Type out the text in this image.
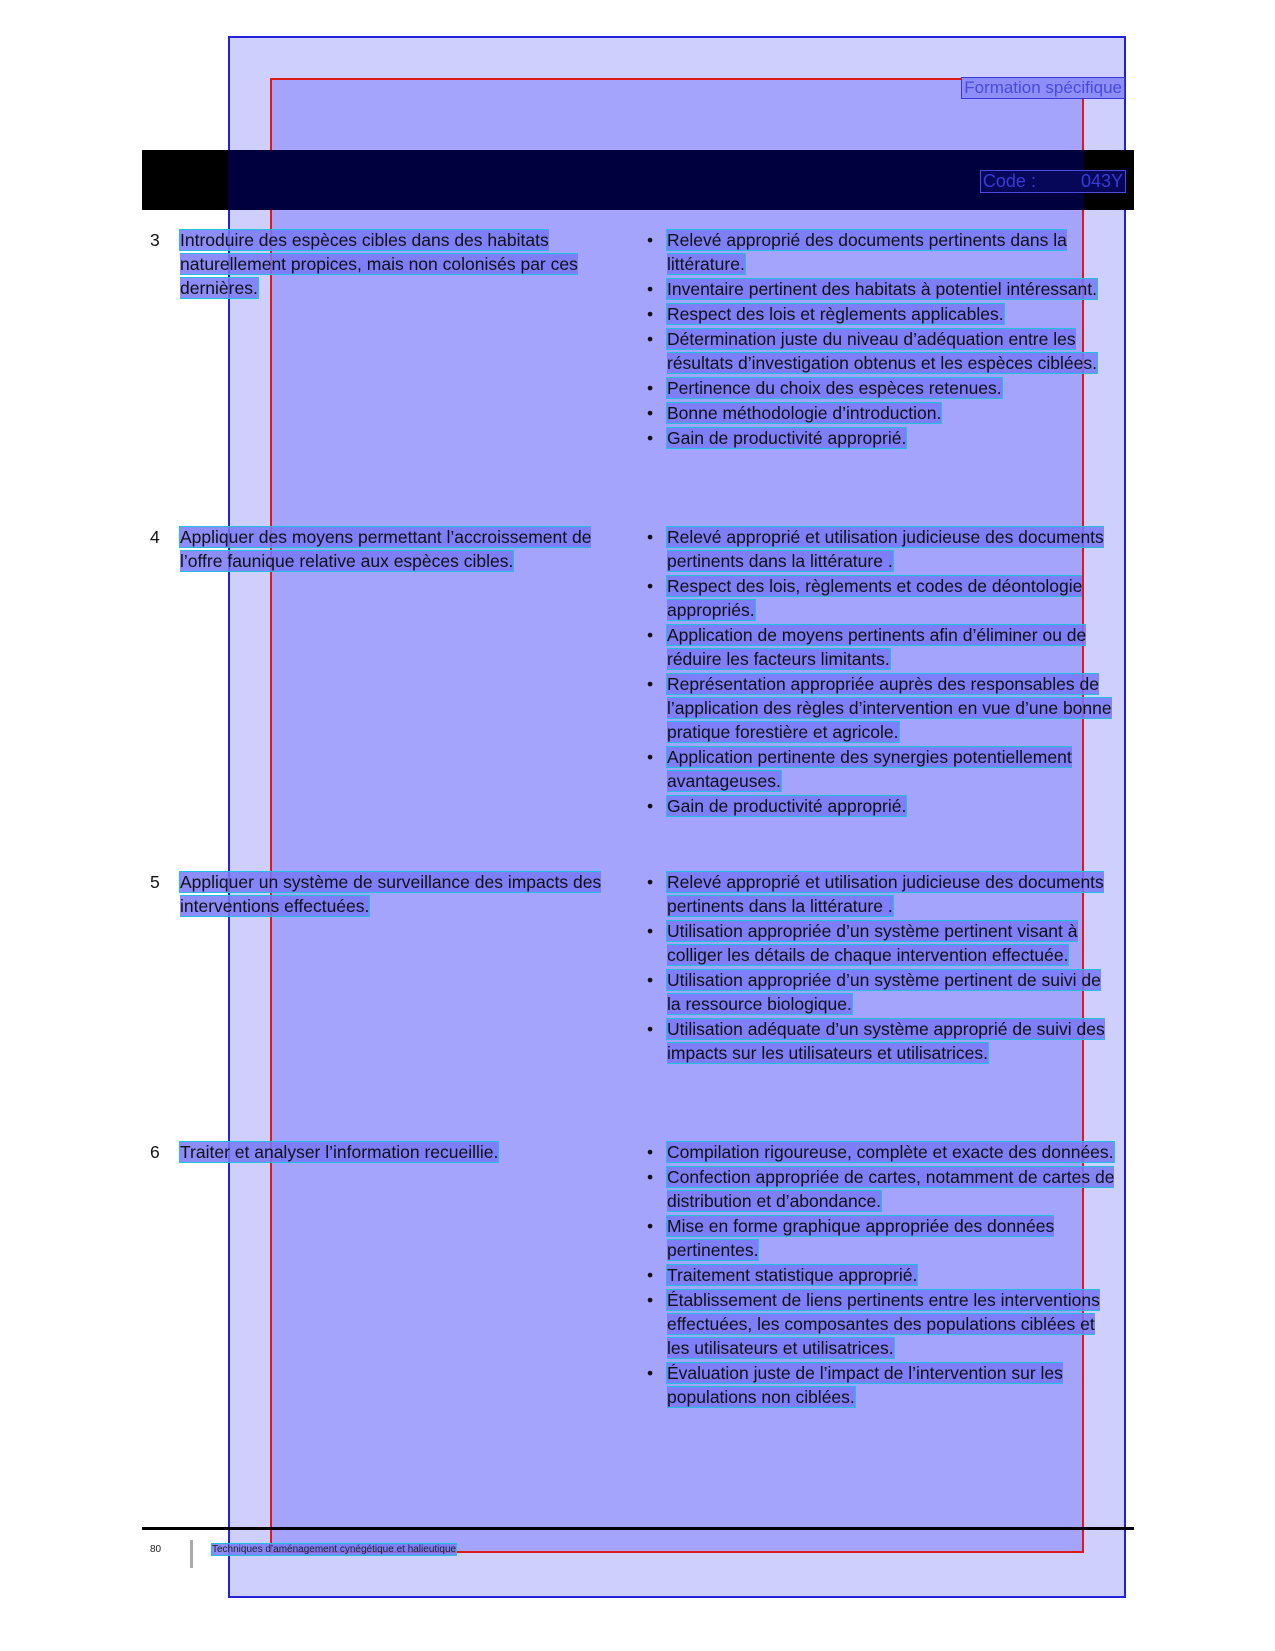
Formation spécifique
Code :         043Y
3 Introduire des espèces cibles dans des habitats naturellement propices, mais non colonisés par ces dernières.
• Relevé approprié des documents pertinents dans la littérature.
• Inventaire pertinent des habitats à potentiel intéressant.
• Respect des lois et règlements applicables.
• Détermination juste du niveau d’adéquation entre les résultats d’investigation obtenus et les espèces ciblées.
• Pertinence du choix des espèces retenues.
• Bonne méthodologie d’introduction.
• Gain de productivité approprié.
4 Appliquer des moyens permettant l’accroissement de l’offre faunique relative aux espèces cibles.
• Relevé approprié et utilisation judicieuse des documents pertinents dans la littérature .
• Respect des lois, règlements et codes de déontologie appropriés.
• Application de moyens pertinents afin d’éliminer ou de réduire les facteurs limitants.
• Représentation appropriée auprès des responsables de l’application des règles d’intervention en vue d’une bonne pratique forestière et agricole.
• Application pertinente des synergies potentiellement avantageuses.
• Gain de productivité approprié.
5 Appliquer un système de surveillance des impacts des interventions effectuées.
• Relevé approprié et utilisation judicieuse des documents pertinents dans la littérature .
• Utilisation appropriée d’un système pertinent visant à colliger les détails de chaque intervention effectuée.
• Utilisation appropriée d’un système pertinent de suivi de la ressource biologique.
• Utilisation adéquate d’un système approprié de suivi des impacts sur les utilisateurs et utilisatrices.
6 Traiter et analyser l’information recueillie.
•	Compilation rigoureuse, complète et exacte des données.
• Confection appropriée de cartes, notamment de cartes de distribution et d’abondance.
• Mise en forme graphique appropriée des données pertinentes.
• Traitement statistique approprié.
• Établissement de liens pertinents entre les interventions effectuées, les composantes des populations ciblées et les utilisateurs et utilisatrices.
• Évaluation juste de l’impact de l’intervention sur les populations non ciblées.
80	Techniques d’aménagement cynégétique et halieutique
